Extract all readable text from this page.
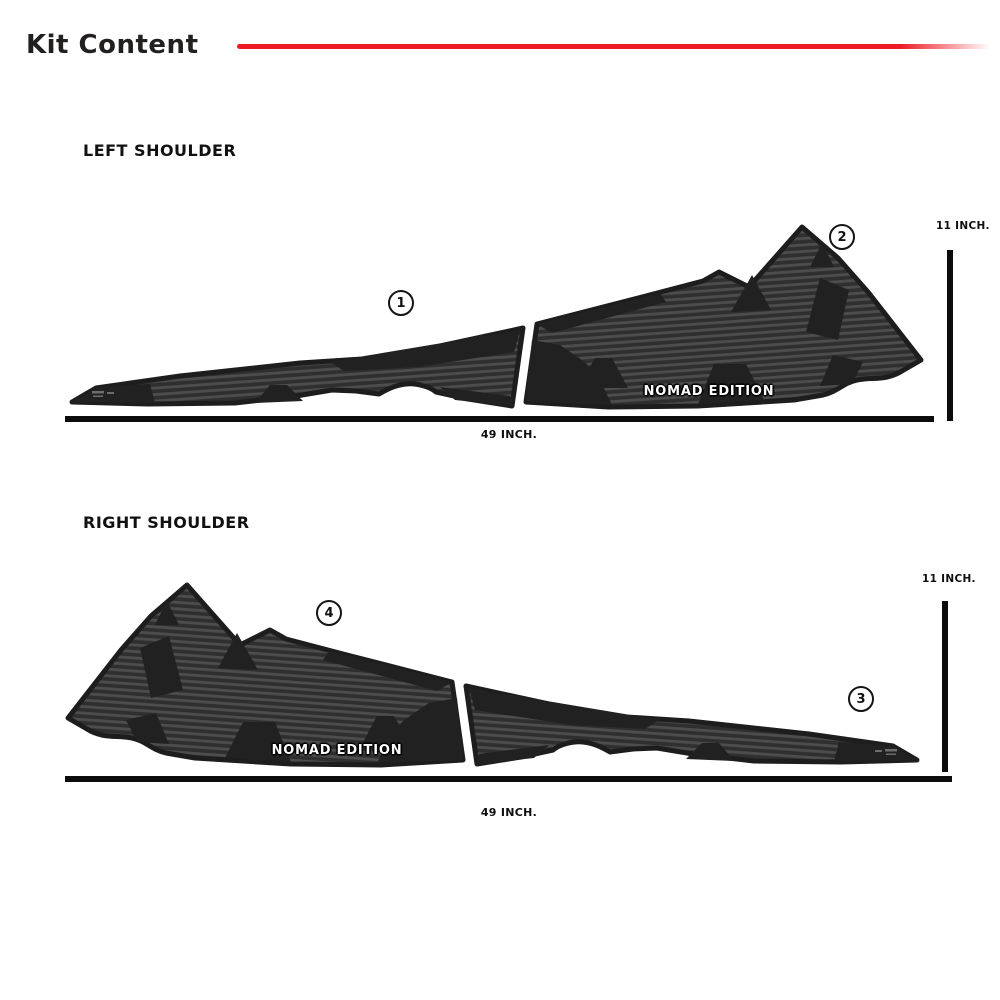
Kit Content
LEFT SHOULDER
RIGHT SHOULDER
NOMAD EDITION
NOMAD EDITION
49 INCH.
11 INCH.
49 INCH.
11 INCH.
1
2
4
3
